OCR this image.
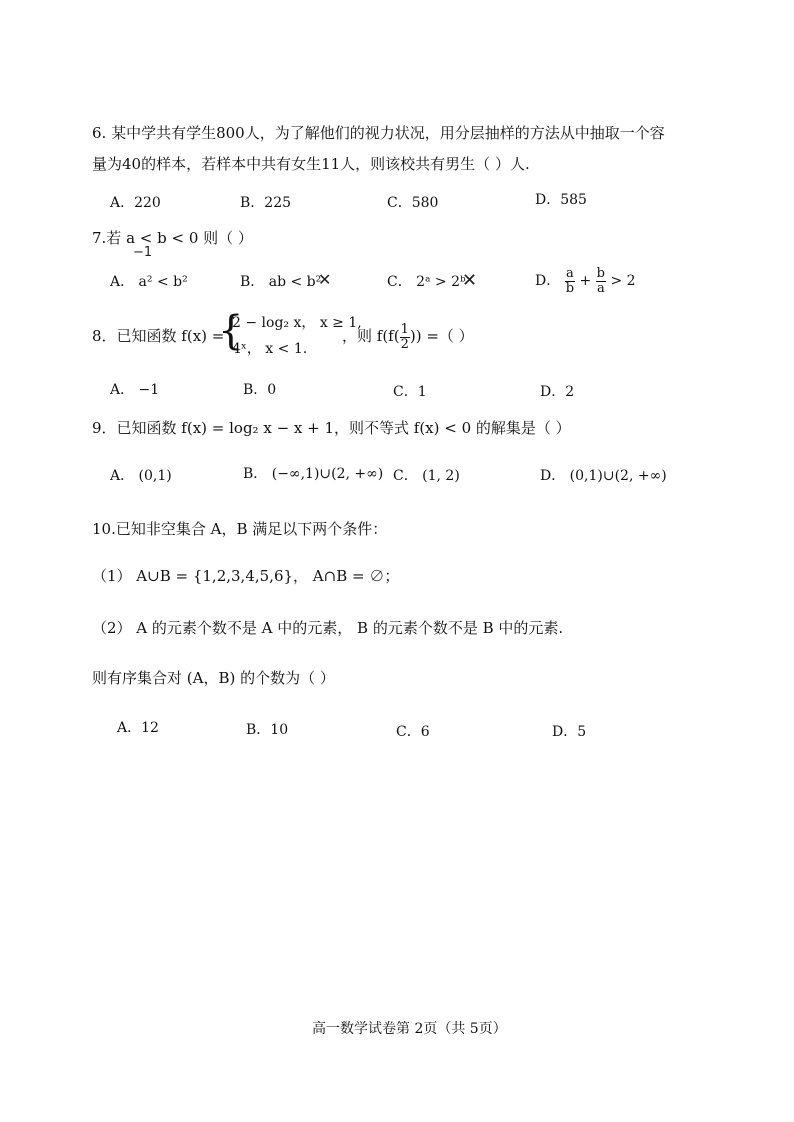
6. 某中学共有学生800人，为了解他们的视力状况，用分层抽样的方法从中抽取一个容
量为40的样本，若样本中共有女生11人，则该校共有男生（ ）人.
A．220	B．225	C．580	D．585
7.若 a < b < 0 则（ ）
−1
A． a² < b²	B． ab < b²
✕	C． 2ᵃ > 2ᵇ
✕	D． $\frac{a}{b} + \frac{b}{a} > 2$
8．已知函数 f(x) =
{
2 − log₂ x， x ≥ 1,
4ˣ， x < 1.
，则 $f(f( \frac{1}{2}$ )) =（ ）
A． −1	B．0	C．1	D．2
9．已知函数 f(x) = log₂ x − x + 1，则不等式 f(x) < 0 的解集是（ ）
A． (0,1)	B． (−∞,1)∪(2, +∞) C． (1, 2)	D． (0,1)∪(2, +∞)
10.已知非空集合 A，B 满足以下两个条件：
（1） A∪B = {1,2,3,4,5,6}， A∩B = ∅；
（2） A 的元素个数不是 A 中的元素， B 的元素个数不是 B 中的元素.
则有序集合对 (A，B) 的个数为（ ）
A．12	B．10	C．6	D．5
高一数学试卷第 2页（共 5页）
